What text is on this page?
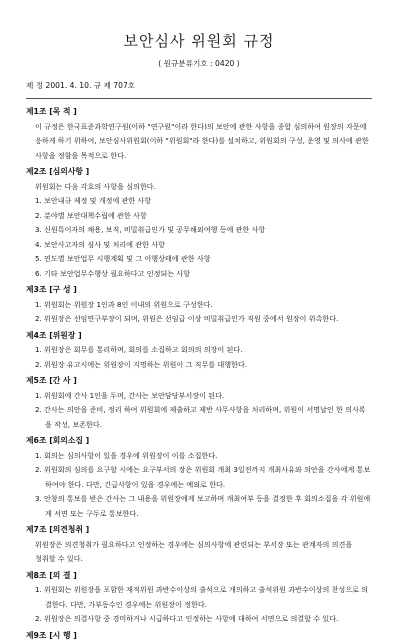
보안심사 위원회 규정
( 원규분류기호 : 0420 )
제 정 2001. 4. 10. 규 제 707호
제1조 [목 적 ]
이 규정은 한국표준과학연구원(이하 "연구원"이라 한다)의 보안에 관한 사항을 종합 심의하여 원장의 자문에 응하게 하기 위하여, 보안심사위원회(이하 "위원회"라 한다)를 설치하고, 위원회의 구성, 운영 및 의사에 관한 사항을 정함을 목적으로 한다.
제2조 [심의사항 ]
위원회는 다음 각호의 사항을 심의한다.
1. 보안내규 제정 및 개정에 관한 사항
2. 분야별 보안대책수립에 관한 사항
3. 신원특이자의 채용, 보직, 비밀취급인가 및 공무해외여행 등에 관한 사항
4. 보안사고자의 심사 및 처리에 관한 사항
5. 연도별 보안업무 시행계획 및 그 이행상태에 관한 사항
6. 기타 보안업무수행상 필요하다고 인정되는 사항
제3조 [구 성 ]
1. 위원회는 위원장 1인과 8인 이내의 위원으로 구성한다.
2. 위원장은 선임연구부장이 되며, 위원은 선임급 이상 비밀취급인가 직원 중에서 원장이 위촉한다.
제4조 [위원장 ]
1. 위원장은 회무를 통리하며, 회의를 소집하고 회의의 의장이 된다.
2. 위원장 유고시에는 위원장이 지명하는 위원이 그 직무를 대행한다.
제5조 [간 사 ]
1. 위원회에 간사 1인을 두며, 간사는 보안담당부서장이 된다.
2. 간사는 의안을 준비, 정리 하여 위원회에 제출하고 제반 사무사항을 처리하며, 위원이 서명날인 한 의사록을 작성, 보존한다.
제6조 [회의소집 ]
1. 회의는 심의사항이 있을 경우에 위원장이 이를 소집한다.
2. 위원회의 심의를 요구할 시에는 요구부서의 장은 위원회 개최 3일전까지 개최사유와 의안을 간사에게 통보하여야 한다. 다만, 긴급사항이 있을 경우에는 예외로 한다.
3. 안창의 통보를 받은 간사는 그 내용을 위원장에게 보고하며 개최여부 등을 결정한 후 회의소집을 각 위원에게 서면 또는 구두로 통보한다.
제7조 [의견청취 ]
위원장은 의견청취가 필요하다고 인정하는 경우에는 심의사항에 관련되는 부서장 또는 관계자의 의견을 청취할 수 있다.
제8조 [의 결 ]
1. 위원회는 위원장을 포함한 재적위원 과반수이상의 출석으로 개의하고 출석위원 과반수이상의 찬성으로 의결한다. 다만, 가부동수인 경우에는 위원장이 정한다.
2. 위원장은 의결사항 중 경미하거나 시급하다고 인정하는 사항에 대하여 서면으로 의결할 수 있다.
제9조 [시 행 ]
